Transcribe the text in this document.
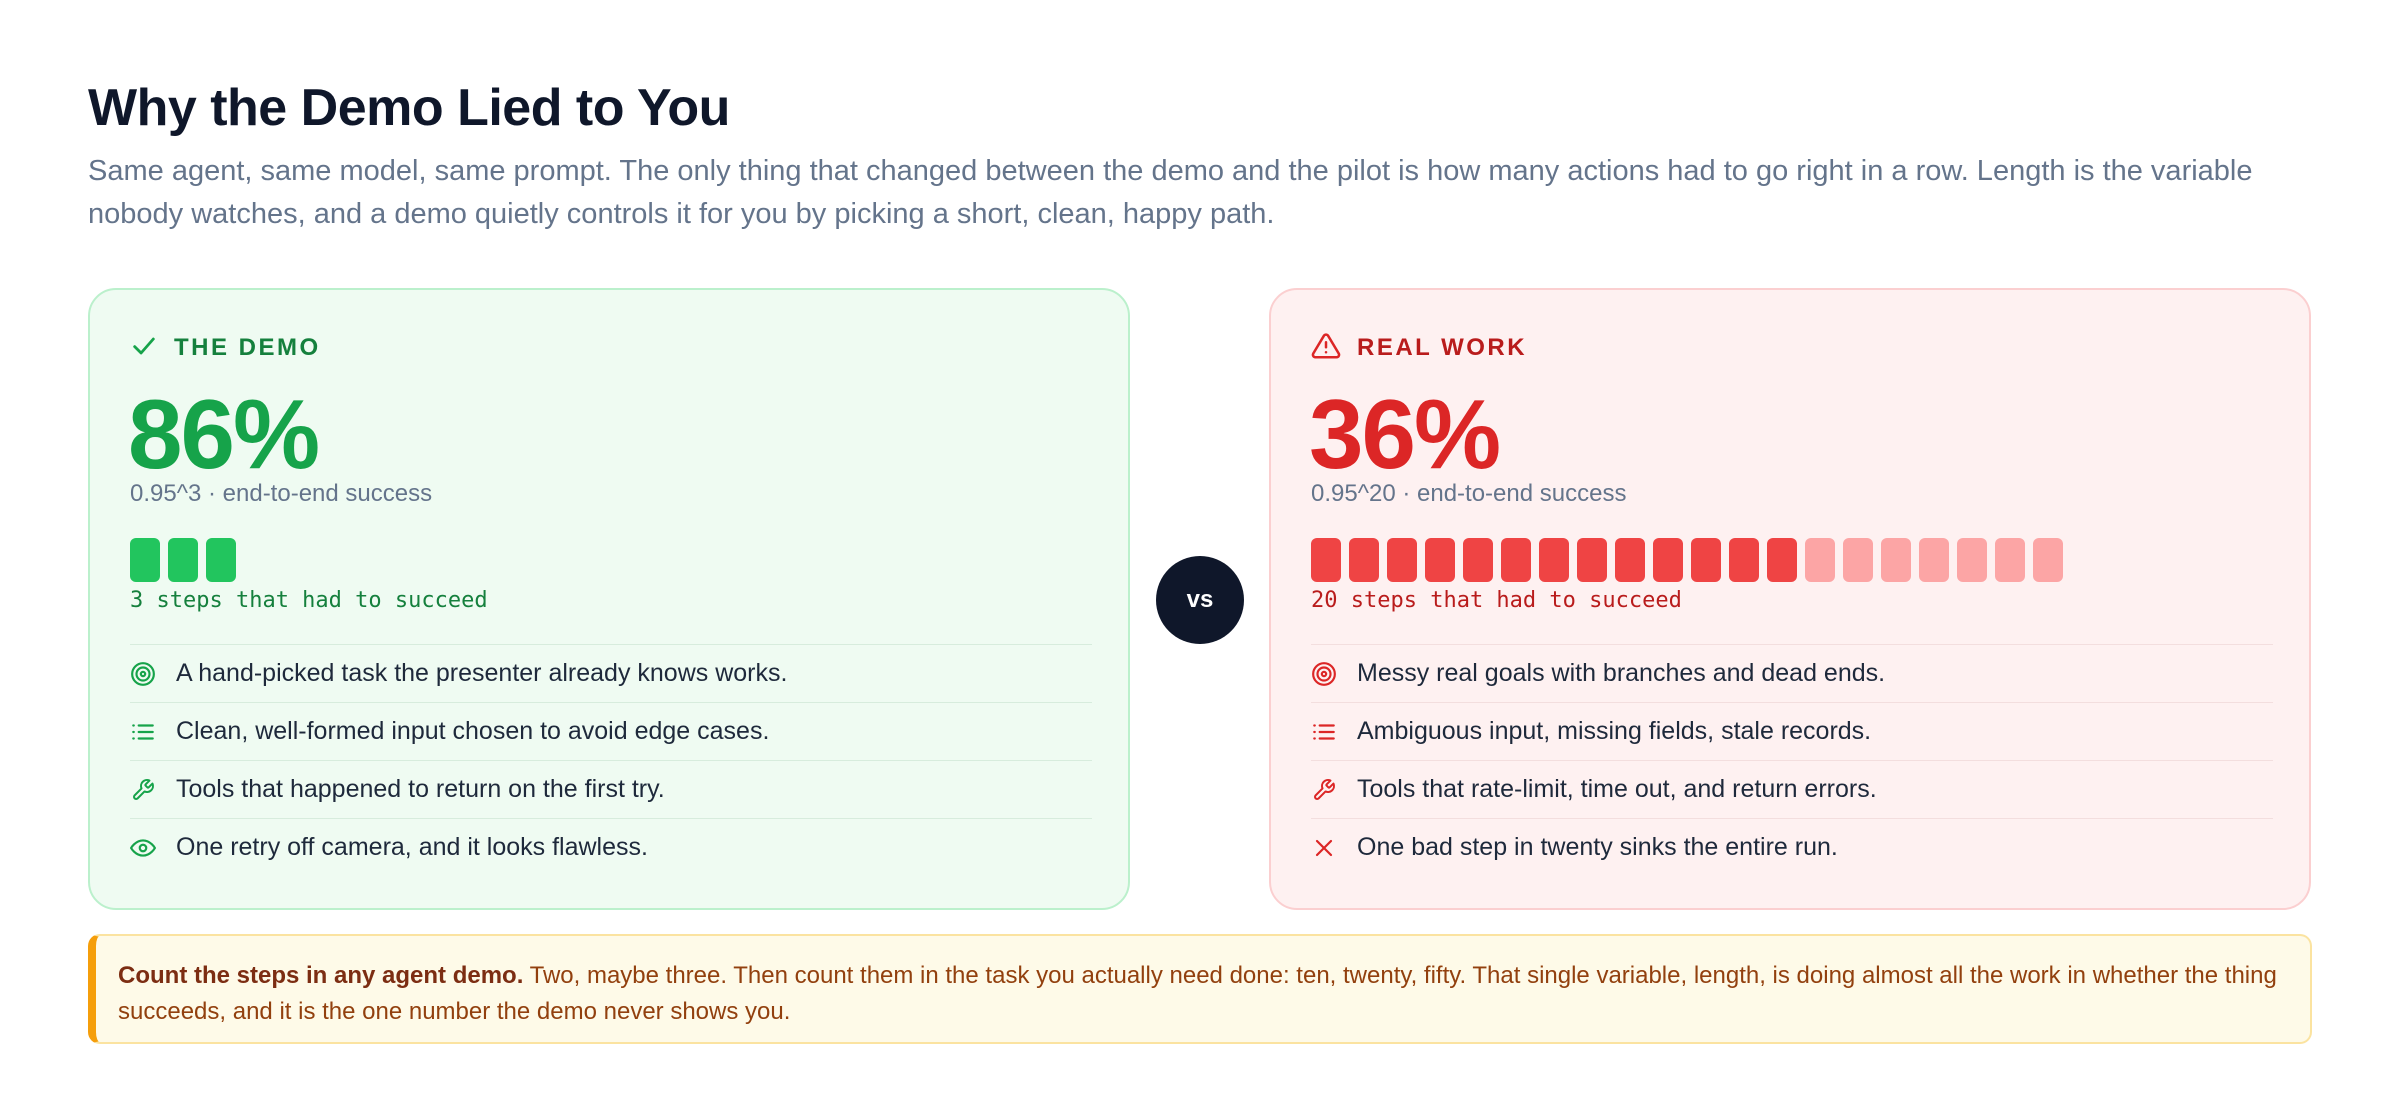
Why the Demo Lied to You

Same agent, same model, same prompt. The only thing that changed between the demo and the pilot is how many actions had to go right in a row. Length is the variable nobody watches, and a demo quietly controls it for you by picking a short, clean, happy path.

THE DEMO
86%
0.95^3 · end-to-end success
3 steps that had to succeed
A hand-picked task the presenter already knows works.
Clean, well-formed input chosen to avoid edge cases.
Tools that happened to return on the first try.
One retry off camera, and it looks flawless.
vs
REAL WORK
36%
0.95^20 · end-to-end success
20 steps that had to succeed
Messy real goals with branches and dead ends.
Ambiguous input, missing fields, stale records.
Tools that rate-limit, time out, and return errors.
One bad step in twenty sinks the entire run.
Count the steps in any agent demo. Two, maybe three. Then count them in the task you actually need done: ten, twenty, fifty. That single variable, length, is doing almost all the work in whether the thing succeeds, and it is the one number the demo never shows you.
